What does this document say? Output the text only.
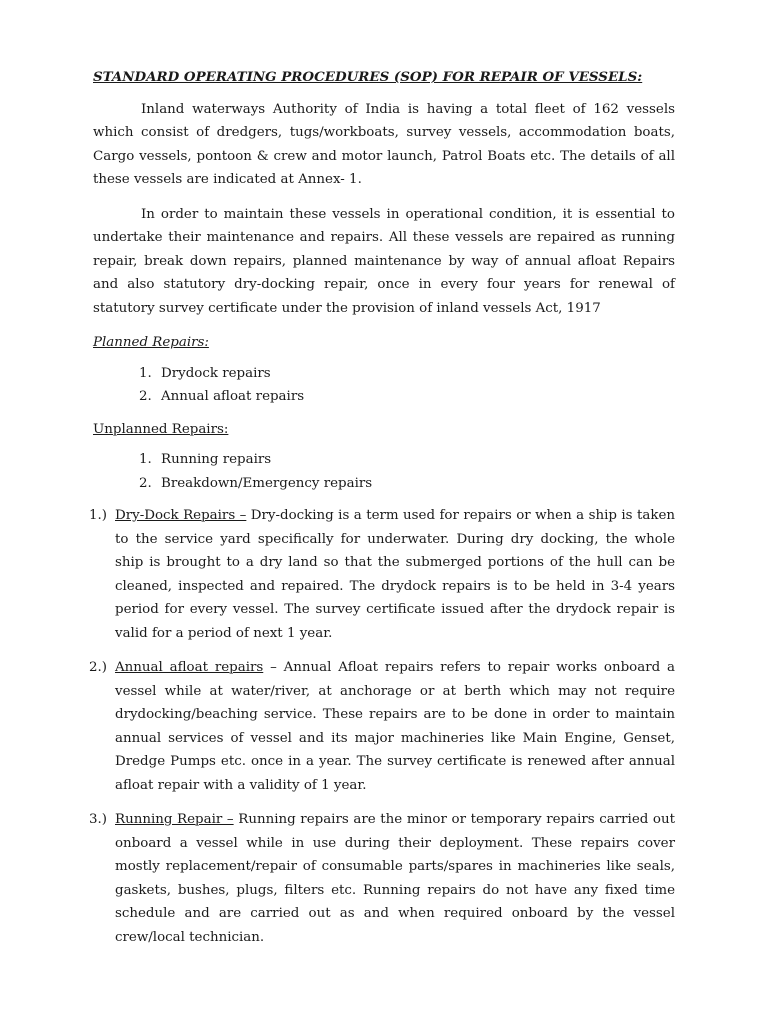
STANDARD OPERATING PROCEDURES (SOP) FOR REPAIR OF VESSELS:

Inland waterways Authority of India is having a total fleet of 162 vessels which consist of dredgers, tugs/workboats, survey vessels, accommodation boats, Cargo vessels, pontoon & crew and motor launch, Patrol Boats etc. The details of all these vessels are indicated at Annex- 1.

In order to maintain these vessels in operational condition, it is essential to undertake their maintenance and repairs. All these vessels are repaired as running repair, break down repairs, planned maintenance by way of annual afloat Repairs and also statutory dry-docking repair, once in every four years for renewal of statutory survey certificate under the provision of inland vessels Act, 1917

Planned Repairs:
1. Drydock repairs
2. Annual afloat repairs
Unplanned Repairs:
1. Running repairs
2. Breakdown/Emergency repairs
1.) Dry-Dock Repairs – Dry-docking is a term used for repairs or when a ship is taken to the service yard specifically for underwater. During dry docking, the whole ship is brought to a dry land so that the submerged portions of the hull can be cleaned, inspected and repaired. The drydock repairs is to be held in 3-4 years period for every vessel. The survey certificate issued after the drydock repair is valid for a period of next 1 year.
2.) Annual afloat repairs – Annual Afloat repairs refers to repair works onboard a vessel while at water/river, at anchorage or at berth which may not require drydocking/beaching service. These repairs are to be done in order to maintain annual services of vessel and its major machineries like Main Engine, Genset, Dredge Pumps etc. once in a year. The survey certificate is renewed after annual afloat repair with a validity of 1 year.
3.) Running Repair – Running repairs are the minor or temporary repairs carried out onboard a vessel while in use during their deployment. These repairs cover mostly replacement/repair of consumable parts/spares in machineries like seals, gaskets, bushes, plugs, filters etc. Running repairs do not have any fixed time schedule and are carried out as and when required onboard by the vessel crew/local technician.
